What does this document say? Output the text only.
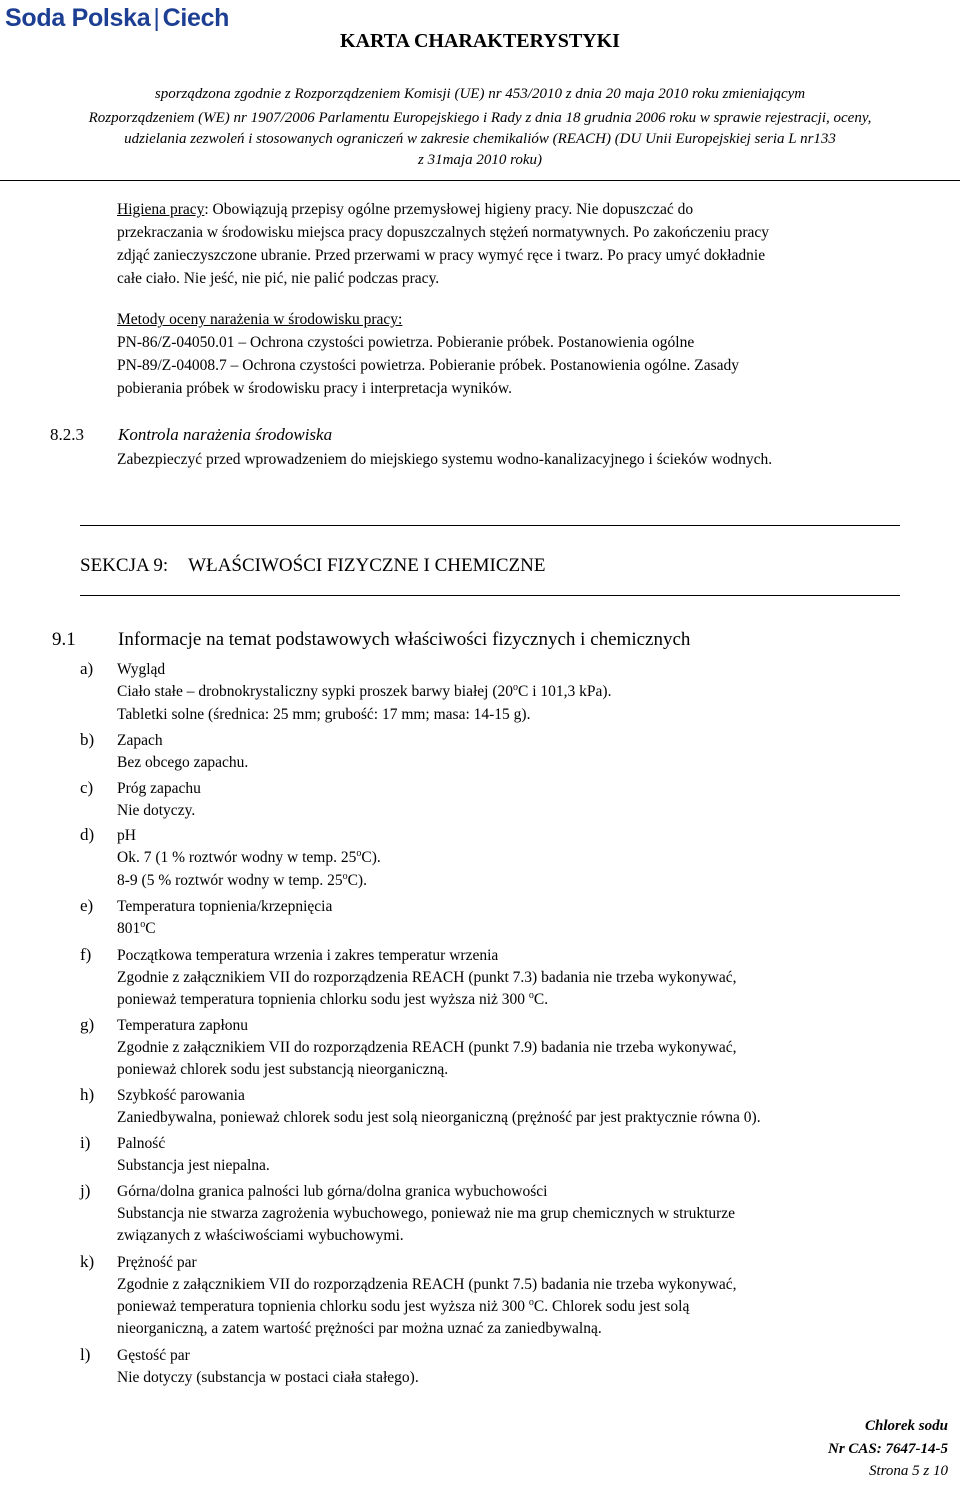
Soda Polska | Ciech
KARTA CHARAKTERYSTYKI
sporządzona zgodnie z Rozporządzeniem Komisji (UE) nr 453/2010 z dnia 20 maja 2010 roku zmieniającym
Rozporządzeniem (WE) nr 1907/2006 Parlamentu Europejskiego i Rady z dnia 18 grudnia 2006 roku w sprawie rejestracji, oceny,
udzielania zezwoleń i stosowanych ograniczeń w zakresie chemikaliów (REACH) (DU Unii Europejskiej seria L nr133
z 31maja 2010 roku)
Higiena pracy: Obowiązują przepisy ogólne przemysłowej higieny pracy. Nie dopuszczać do
przekraczania w środowisku miejsca pracy dopuszczalnych stężeń normatywnych. Po zakończeniu pracy
zdjąć zanieczyszczone ubranie. Przed przerwami w pracy wymyć ręce i twarz. Po pracy umyć dokładnie
całe ciało. Nie jeść, nie pić, nie palić podczas pracy.
Metody oceny narażenia w środowisku pracy:
PN-86/Z-04050.01 – Ochrona czystości powietrza. Pobieranie próbek. Postanowienia ogólne
PN-89/Z-04008.7 – Ochrona czystości powietrza. Pobieranie próbek. Postanowienia ogólne. Zasady
pobierania próbek w środowisku pracy i interpretacja wyników.
8.2.3 Kontrola narażenia środowiska
Zabezpieczyć przed wprowadzeniem do miejskiego systemu wodno-kanalizacyjnego i ścieków wodnych.
SEKCJA 9: WŁAŚCIWOŚCI FIZYCZNE I CHEMICZNE
9.1 Informacje na temat podstawowych właściwości fizycznych i chemicznych
a) Wygląd
Ciało stałe – drobnokrystaliczny sypki proszek barwy białej (20$^o$C i 101,3 kPa).
Tabletki solne (średnica: 25 mm; grubość: 17 mm; masa: 14-15 g).
b) Zapach
Bez obcego zapachu.
c) Próg zapachu
Nie dotyczy.
d) pH
Ok. 7 (1 % roztwór wodny w temp. 25$^o$C).
8-9 (5 % roztwór wodny w temp. 25$^o$C).
e) Temperatura topnienia/krzepnięcia
801$^o$C
f) Początkowa temperatura wrzenia i zakres temperatur wrzenia
Zgodnie z załącznikiem VII do rozporządzenia REACH (punkt 7.3) badania nie trzeba wykonywać,
ponieważ temperatura topnienia chlorku sodu jest wyższa niż 300 $^o$C.
g) Temperatura zapłonu
Zgodnie z załącznikiem VII do rozporządzenia REACH (punkt 7.9) badania nie trzeba wykonywać,
ponieważ chlorek sodu jest substancją nieorganiczną.
h) Szybkość parowania
Zaniedbywalna, ponieważ chlorek sodu jest solą nieorganiczną (prężność par jest praktycznie równa 0).
i) Palność
Substancja jest niepalna.
j) Górna/dolna granica palności lub górna/dolna granica wybuchowości
Substancja nie stwarza zagrożenia wybuchowego, ponieważ nie ma grup chemicznych w strukturze
związanych z właściwościami wybuchowymi.
k) Prężność par
Zgodnie z załącznikiem VII do rozporządzenia REACH (punkt 7.5) badania nie trzeba wykonywać,
ponieważ temperatura topnienia chlorku sodu jest wyższa niż 300 $^o$C. Chlorek sodu jest solą
nieorganiczną, a zatem wartość prężności par można uznać za zaniedbywalną.
l) Gęstość par
Nie dotyczy (substancja w postaci ciała stałego).
Chlorek sodu
Nr CAS: 7647-14-5
Strona 5 z 10
